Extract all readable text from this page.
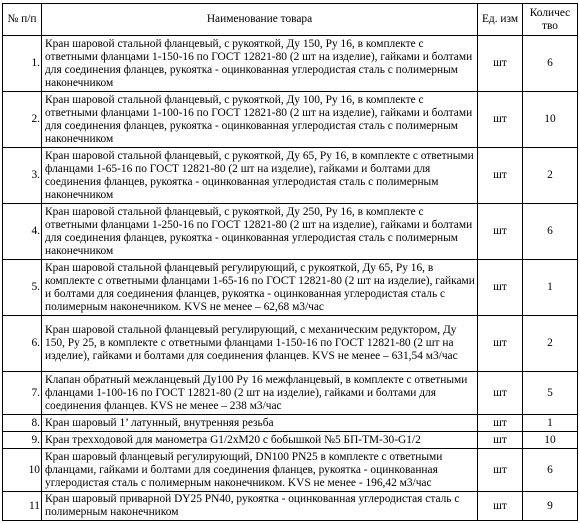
№ п/п	Наименование товара	Ед. изм	Количес тво
1.	Кран шаровой стальной фланцевый, с рукояткой, Ду 150, Ру 16, в комплекте с ответными фланцами 1-150-16 по ГОСТ 12821-80 (2 шт на изделие), гайками и болтами для соединения фланцев, рукоятка - оцинкованная углеродистая сталь с полимерным наконечником	шт	6
2.	Кран шаровой стальной фланцевый, с рукояткой, Ду 100, Ру 16, в комплекте с ответными фланцами 1-100-16 по ГОСТ 12821-80 (2 шт на изделие), гайками и болтами для соединения фланцев, рукоятка - оцинкованная углеродистая сталь с полимерным наконечником	шт	10
3.	Кран шаровой стальной фланцевый, с рукояткой, Ду 65, Ру 16, в комплекте с ответными фланцами 1-65-16 по ГОСТ 12821-80 (2 шт на изделие), гайками и болтами для соединения фланцев, рукоятка - оцинкованная углеродистая сталь с полимерным наконечником	шт	2
4.	Кран шаровой стальной фланцевый, с рукояткой, Ду 250, Ру 16, в комплекте с ответными фланцами 1-250-16 по ГОСТ 12821-80 (2 шт на изделие), гайками и болтами для соединения фланцев, рукоятка - оцинкованная углеродистая сталь с полимерным наконечником	шт	6
5.	Кран шаровой стальной фланцевый регулирующий, с рукояткой, Ду 65, Ру 16, в комплекте с ответными фланцами 1-65-16 по ГОСТ 12821-80 (2 шт на изделие), гайками и болтами для соединения фланцев, рукоятка - оцинкованная углеродистая сталь с полимерным наконечником. KVS не менее – 62,68 м3/час	шт	1
6.	Кран шаровой стальной фланцевый регулирующий, с механическим редуктором, Ду 150, Ру 25, в комплекте с ответными фланцами 1-150-16 по ГОСТ 12821-80 (2 шт на изделие), гайками и болтами для соединения фланцев. KVS не менее – 631,54 м3/час	шт	2
7.	Клапан обратный межланцевый Ду100 Ру 16 межфланцевый, в комплекте с ответными фланцами 1-100-16 по ГОСТ 12821-80 (2 шт на изделие), гайками и болтами для соединения фланцев. KVS не менее – 238 м3/час	шт	5
8.	Кран шаровый 1’ латунный, внутренняя резьба	шт	1
9.	Кран трехходовой для манометра G1/2хМ20 с бобышкой №5 БП-ТМ-30-G1/2	шт	10
10	Кран шаровый фланцевый регулирующий, DN100 PN25 в комплекте с ответными фланцами, гайками и болтами для соединения фланцев, рукоятка - оцинкованная углеродистая сталь с полимерным наконечником. KVS не менее - 196,42 м3/час	шт	6
11	Кран шаровый приварной DY25 PN40, рукоятка - оцинкованная углеродистая сталь с полимерным наконечником	шт	9
